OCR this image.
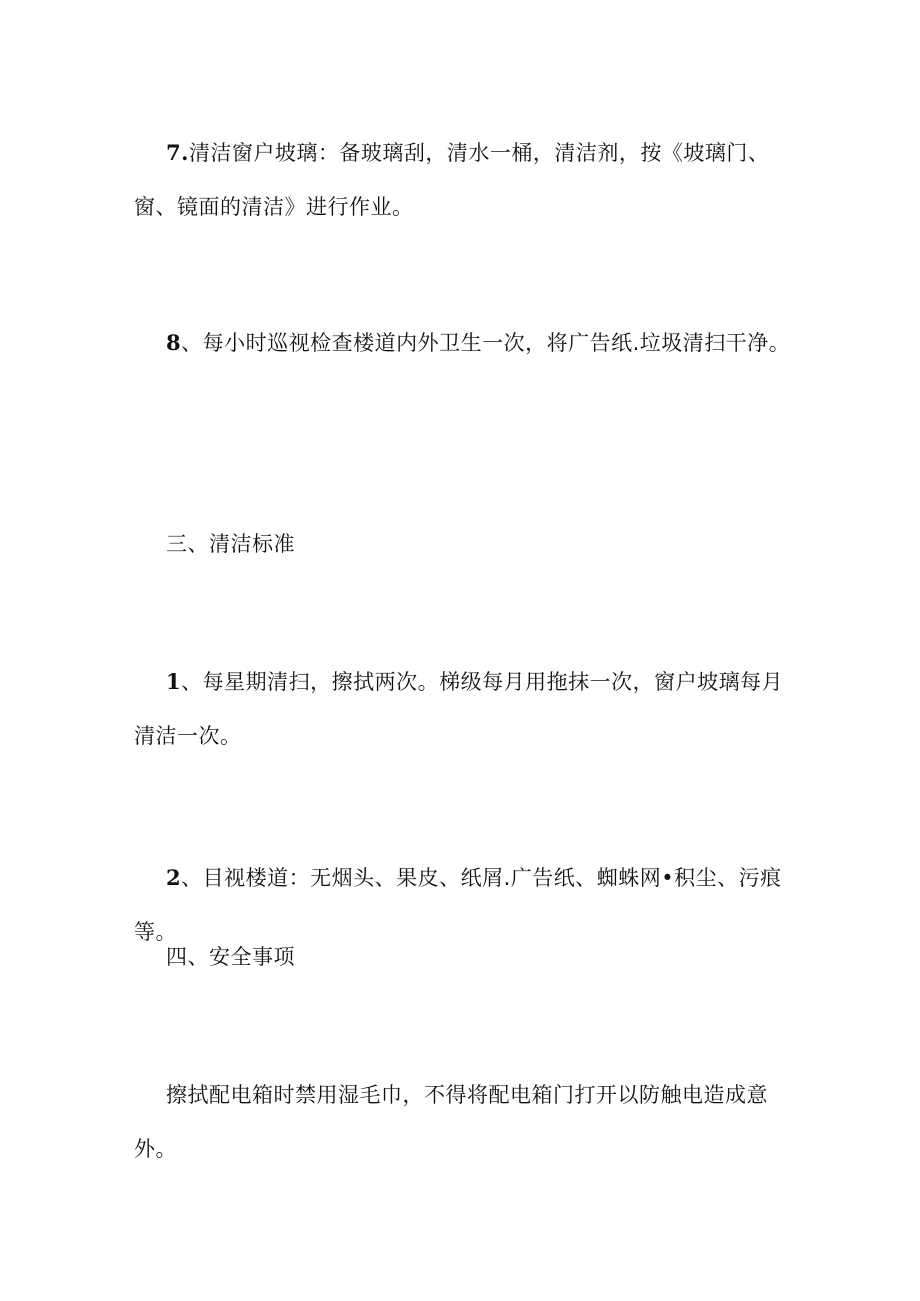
7.清洁窗户坡璃：备玻璃刮，清水一桶，清洁剂，按《坡璃门、窗、镜面的清洁》进行作业。

8、每小时巡视检查楼道内外卫生一次，将广告纸.垃圾清扫干净。

三、清洁标准

1、每星期清扫，擦拭两次。梯级每月用拖抹一次，窗户坡璃每月清洁一次。

2、目视楼道：无烟头、果皮、纸屑.广告纸、蜘蛛网•积尘、污痕等。

四、安全事项

擦拭配电箱时禁用湿毛巾，不得将配电箱门打开以防触电造成意外。
